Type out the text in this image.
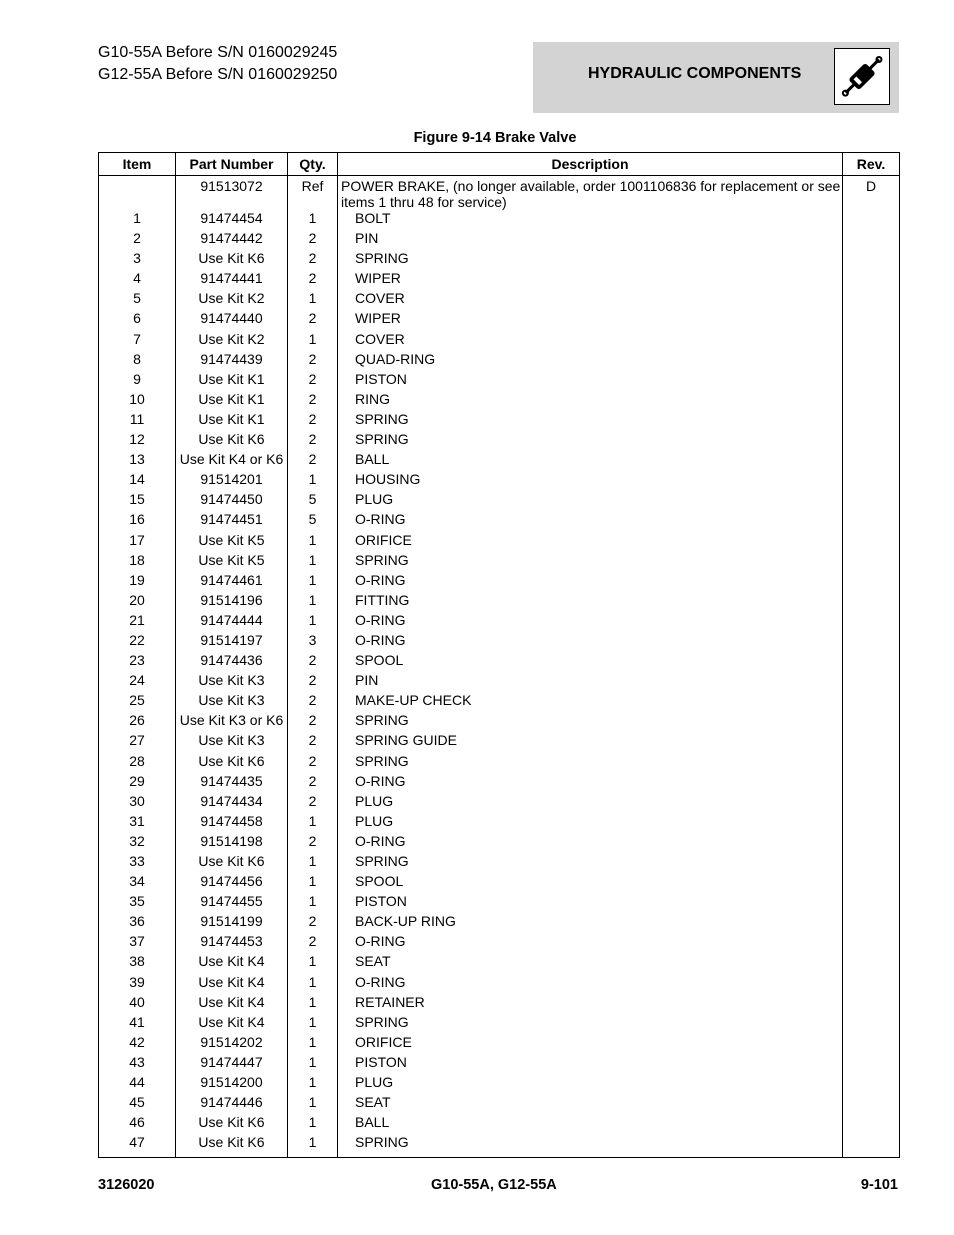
G10-55A Before S/N 0160029245
G12-55A Before S/N 0160029250	HYDRAULIC COMPONENTS
Figure 9-14 Brake Valve
Item	Part Number	Qty.	Description	Rev.
	91513072	Ref	POWER BRAKE, (no longer available, order 1001106836 for replacement or see items 1 thru 48 for service)	D
1	91474454	1	BOLT	
2	91474442	2	PIN	
3	Use Kit K6	2	SPRING	
4	91474441	2	WIPER	
5	Use Kit K2	1	COVER	
6	91474440	2	WIPER	
7	Use Kit K2	1	COVER	
8	91474439	2	QUAD-RING	
9	Use Kit K1	2	PISTON	
10	Use Kit K1	2	RING	
11	Use Kit K1	2	SPRING	
12	Use Kit K6	2	SPRING	
13	Use Kit K4 or K6	2	BALL	
14	91514201	1	HOUSING	
15	91474450	5	PLUG	
16	91474451	5	O-RING	
17	Use Kit K5	1	ORIFICE	
18	Use Kit K5	1	SPRING	
19	91474461	1	O-RING	
20	91514196	1	FITTING	
21	91474444	1	O-RING	
22	91514197	3	O-RING	
23	91474436	2	SPOOL	
24	Use Kit K3	2	PIN	
25	Use Kit K3	2	MAKE-UP CHECK	
26	Use Kit K3 or K6	2	SPRING	
27	Use Kit K3	2	SPRING GUIDE	
28	Use Kit K6	2	SPRING	
29	91474435	2	O-RING	
30	91474434	2	PLUG	
31	91474458	1	PLUG	
32	91514198	2	O-RING	
33	Use Kit K6	1	SPRING	
34	91474456	1	SPOOL	
35	91474455	1	PISTON	
36	91514199	2	BACK-UP RING	
37	91474453	2	O-RING	
38	Use Kit K4	1	SEAT	
39	Use Kit K4	1	O-RING	
40	Use Kit K4	1	RETAINER	
41	Use Kit K4	1	SPRING	
42	91514202	1	ORIFICE	
43	91474447	1	PISTON	
44	91514200	1	PLUG	
45	91474446	1	SEAT	
46	Use Kit K6	1	BALL	
47	Use Kit K6	1	SPRING	
3126020	G10-55A, G12-55A	9-101
